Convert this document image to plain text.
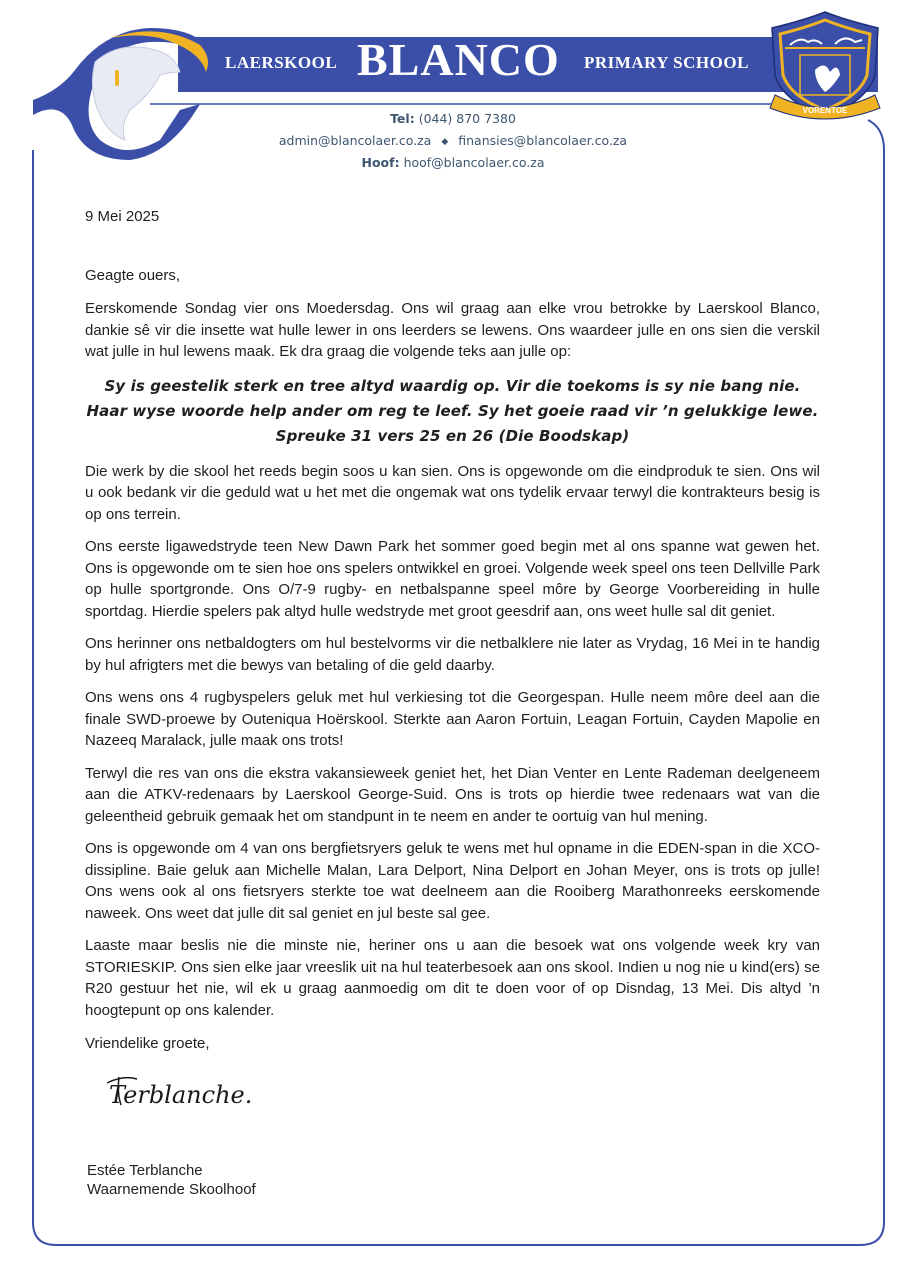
VORENTOE
LAERSKOOL BLANCO PRIMARY SCHOOL
Tel: (044) 870 7380
admin@blancolaer.co.za ◆ finansies@blancolaer.co.za
Hoof: hoof@blancolaer.co.za

9 Mei 2025

Geagte ouers,

Eerskomende Sondag vier ons Moedersdag. Ons wil graag aan elke vrou betrokke by Laerskool Blanco, dankie sê vir die insette wat hulle lewer in ons leerders se lewens. Ons waardeer julle en ons sien die verskil wat julle in hul lewens maak. Ek dra graag die volgende teks aan julle op:

Sy is geestelik sterk en tree altyd waardig op. Vir die toekoms is sy nie bang nie. Haar wyse woorde help ander om reg te leef. Sy het goeie raad vir ’n gelukkige lewe. Spreuke 31 vers 25 en 26 (Die Boodskap)

Die werk by die skool het reeds begin soos u kan sien. Ons is opgewonde om die eindproduk te sien. Ons wil u ook bedank vir die geduld wat u het met die ongemak wat ons tydelik ervaar terwyl die kontrakteurs besig is op ons terrein.

Ons eerste ligawedstryde teen New Dawn Park het sommer goed begin met al ons spanne wat gewen het. Ons is opgewonde om te sien hoe ons spelers ontwikkel en groei. Volgende week speel ons teen Dellville Park op hulle sportgronde. Ons O/7-9 rugby- en netbalspanne speel môre by George Voorbereiding in hulle sportdag. Hierdie spelers pak altyd hulle wedstryde met groot geesdrif aan, ons weet hulle sal dit geniet.

Ons herinner ons netbaldogters om hul bestelvorms vir die netbalklere nie later as Vrydag, 16 Mei in te handig by hul afrigters met die bewys van betaling of die geld daarby.

Ons wens ons 4 rugbyspelers geluk met hul verkiesing tot die Georgespan. Hulle neem môre deel aan die finale SWD-proewe by Outeniqua Hoërskool. Sterkte aan Aaron Fortuin, Leagan Fortuin, Cayden Mapolie en Nazeeq Maralack, julle maak ons trots!

Terwyl die res van ons die ekstra vakansieweek geniet het, het Dian Venter en Lente Rademan deelgeneem aan die ATKV-redenaars by Laerskool George-Suid. Ons is trots op hierdie twee redenaars wat van die geleentheid gebruik gemaak het om standpunt in te neem en ander te oortuig van hul mening.

Ons is opgewonde om 4 van ons bergfietsryers geluk te wens met hul opname in die EDEN-span in die XCO-dissipline. Baie geluk aan Michelle Malan, Lara Delport, Nina Delport en Johan Meyer, ons is trots op julle! Ons wens ook al ons fietsryers sterkte toe wat deelneem aan die Rooiberg Marathonreeks eerskomende naweek. Ons weet dat julle dit sal geniet en jul beste sal gee.

Laaste maar beslis nie die minste nie, heriner ons u aan die besoek wat ons volgende week kry van STORIESKIP. Ons sien elke jaar vreeslik uit na hul teaterbesoek aan ons skool. Indien u nog nie u kind(ers) se R20 gestuur het nie, wil ek u graag aanmoedig om dit te doen voor of op Disndag, 13 Mei. Dis altyd ’n hoogtepunt op ons kalender.

Vriendelike groete,

Terblanche.
Estée Terblanche
Waarnemende Skoolhoof
